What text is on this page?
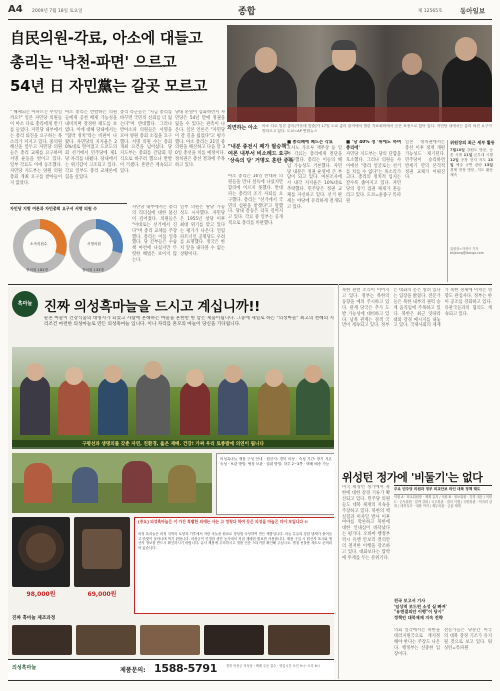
A4 2009년 7월 18일 토요일	종합	제 12565호	동아일보
自民의원-각료, 아소에 대들고
총리는 '낙천-파면' 으르고
54년 日 자민黨는 갈곳 모르고
외면하는 아소 아소 다로 일본 총리(가운데 앞줄)가 17일 도쿄 총리 관저에서 열린 각료회의에서 굳은 표정으로 앉아 있다. 자민당 내에서는 총리 퇴진 요구가 잇따르고 있다. 도쿄=AP 연합뉴스
" 해체되는 아파트는 무엇일까요?" 일본 자민당 의원들이 아소 다로 총리에게 반기를 들었다. 자민당 내부에서는 총리 퇴진을 요구하는 목소리가 커지고 있다. 중의원 해산을 앞두고 자민당 의원들은 총리 교체를 요구하며 서명 운동을 벌이고 있다. 일부 각료도 이에 동조했다. 자민당 지도부는 양원 의원 총회 개최 요구를 받아들이지 않았다.
아소 총리는 반발하는 의원들에게 공천 배제 가능성을 내비치며 강경한 태도를 보였다. 이에 대해 당내에서는 "협박 정치"라는 비판이 나왔다. 자민당의 지지율은 20%대로 떨어졌고 도쿄도의회 선거에서 민주당에 제1당 자리를 내줬다. 당내에서는 위기감이 고조되고 있다. 각료 일부도 총리 교체론에 힘을 실었다.
총리 측근들은 "지금 총리를 바꾸면 국민의 신뢰를 더 잃는다"며 반대했다. 그러나 반아소파 의원들은 서명을 모아 양원 총회 소집을 요구했다. 서명 의원 수는 총회 개최 요건을 넘어섰다. 당 지도부는 총회를 간담회 형식으로 바꾸려 했으나 반발이 거셌다. 혼란은 계속되고 있다.
당내 분열이 심화하면서 자민당은 54년 만에 정권을 잃을 수 있다는 관측이 나온다. 일본 언론은 "자민당이 갈 길을 잃었다"고 평가했다. 아소 총리는 21일 중의원을 해산하고 다음 달 30일 총선을 치를 예정이다. 정치권은 총선 결과에 주목하고 있다.
자민당 지방 여론과 자민총회 요구서 서명 의원 수
중의원 182명	참의원 133명
소속의원수	서명의원
자민당 내부에서는 총리의 리더십에 대한 불신이 깊어졌다. 의원들은 "이대로는 선거에서 진다"며 총리 교체를 주장했다. 총리는 이를 일축했다. 당 간부들은 수습책 마련에 나섰지만 뚜렷한 해법은 보이지 않는다.
일부 의원은 탈당 가능성도 시사했다. 자민당은 1955년 창당 이후 최대 위기를 맞고 있다는 평가가 나온다. 연립 파트너인 공명당도 우려를 표명했다. 정국은 한 치 앞을 내다볼 수 없는 상황이다.
"내분 종전시 패가 필승책"
여론 내부서 비소례드 요구
'상속의 당' 거명도 혼란 증폭
아소 총리는 16일 반대파 의원들을 만나 설득에 나섰지만 합의에 이르지 못했다. 반대파는 총리의 조기 사퇴를 요구했다. 총리는 "선거에서 국민의 심판을 받겠다"고 말했다. 당내 갈등은 더욱 깊어지고 있다. 각료 중 일부는 공개적으로 총리를 비판했다.
■ 총리폐에 폐드는 각료
요사노 가오루 재무상 등 일부 각료는 총리에게 결단을 촉구했다. 총리는 이들의 해임 가능성도 거론했다. 자민당 내분은 정권 운영에 큰 부담이 되고 있다. 여론조사에서 내각 지지율은 10%대로 추락했다. 민주당은 정권 교체를 자신하고 있다. 선거 판세는 야당에 유리하게 전개되고 있다.
■ '당 40% 정 '위에도 하며 총리에'
자민당 지도부는 당의 단합을 호소했다. 그러나 의원들 사이에선 "총리 얼굴로는 선거를 치를 수 없다"는 목소리가 크다. 총리의 정치적 입지는 갈수록 좁아지고 있다. 자민당의 장기 집권 체제가 흔들리고 있다. 도쿄=윤종구 특파원
일본 정치권에서는 총선 이후 정계 개편 가능성도 제기된다. 민주당이 승리하면 반세기 만의 본격적 정권 교체가 이뤄진다.
위원장의 최근 세부 활동
7월10일 강원도 방문, 농촌 시찰 11일 군부대 시찰 12일 공장 현지 지도 13일 예술 공연 관람 15일 경제 현장 방문, 지도 활동 계속
위원장=자영이 기자 bhjeong@donga.com
흑마늘 진짜 의성흑마늘을 드시고 계십니까!!
순흔 마늘이 건강식품의 대명사가 되었고 사람에 흔해하는 마늘을 흔한반 한 맘은 제품이됩니다. 그중에 제일로 하는 "의성마늘" 최고의 천혜의 지리조건 마련한 의성마늘로 만든 의성흑마늘 입니다. 이나 자리를 흔모의 마늘이 당신을 기다립니다.
구평선과 생명의를 갖춘 자연, 친환경, 옳은 재배. 건강! 가짜 우리 토종발에 의연이 됩니다
의성흑마늘 제품 구성 안내 · 원산지: 경북 의성 · 숙성 기간: 장기 저온 숙성 · 보관 방법: 냉장 보관 · 섭취 방법: 하루 2~3쪽 · 택배 배송 가능
98,000원	69,000원
[중요] 의성흑마늘은 이 가진 특별한 외에는 사는 고 정청다 하여 등은 의성을 마늘은 더이 보입니다 !!
의성 흑마늘은 의성 지역의 토양과 기후에서 자란 마늘을 원료로 정성껏 숙성하여 만든 제품입니다. 마늘 특유의 강한 냄새가 줄어들고 단맛이 살아나며 먹기 편합니다. 의성군이 인정한 생산 농가에서 직접 재배한 원료만 사용합니다. 제품 구입 시 원산지 표시와 생산자 정보를 반드시 확인하시기 바랍니다. 유사 제품에 주의하시고 정품 인증 스티커를 확인해 주십시오. 명절 선물용 세트도 준비되어 있습니다.
진짜 흑마늘 제조과정
의성흑마늘	제품문의: 1588-5791	경북 의성군 의성읍 · 택배 주문 접수 · 영업시간 오전 9시~오후 6시
위성턴 정가에 '비둘기'는 없다
미국 워싱턴 정가에서 북한에 대한 강경 기류가 확산되고 있다. 민주당 의원들도 대북 제재의 지속을 주장하고 있다. 북한의 핵실험과 미사일 발사 이후 여야를 막론하고 북한에 대한 인내심이 바닥났다는 평가다. 오바마 행정부 역시 유엔 안보리 결의안의 철저한 이행을 강조하고 있다. 대화보다는 압박에 무게를 두는 분위기다.
주요 민주당 의원과 정부 외교안보 라인 대북 정책 태도
의원 A · 외교위원장 · 제재 유지 / 의원 B · 정보위원 · 강경 대응 / 의원 C · 군사위원 · 압박 강화 / 국무장관 · 결의 이행 / 국방장관 · 억지력 강화 / 대북특사 · 대화 여지 / 재무차관 · 금융 제재
전국 보고서 기사
'임상적 보드펀 소성 실 빠져'
"유엔결의안 이행"이 당시"
정책안 대북제재 지속 전략
의회 일각에서는 북한을 테러지원국으로 재지정해야 한다는 주장도 나온다. 행정부는 신중한 입장이다.
전문가들은 당분간 미국의 대북 강경 기조가 유지될 것으로 보고 있다. 워싱턴=특파원
북한 관련 소식이 이어지고 있다. 정부는 북한의 동향을 예의 주시하고 있다. 관계 당국은 추가 도발 가능성에 대비하고 있다. 남북 관계는 경색 국면이 계속되고 있다. 정부는 대화의 문은 열려 있다는 입장을 밝혔다. 전문가들은 북한 내부의 권력 승계 움직임에 주목하고 있다. 북한은 최근 잇따라 대외 강경 메시지를 내놓고 있다. 국제사회의 제재가 북한 경제에 미치는 영향도 관심사다. 정부는 한미 공조를 강화하고 있다. 유관국들과의 협의도 계속되고 있다.
